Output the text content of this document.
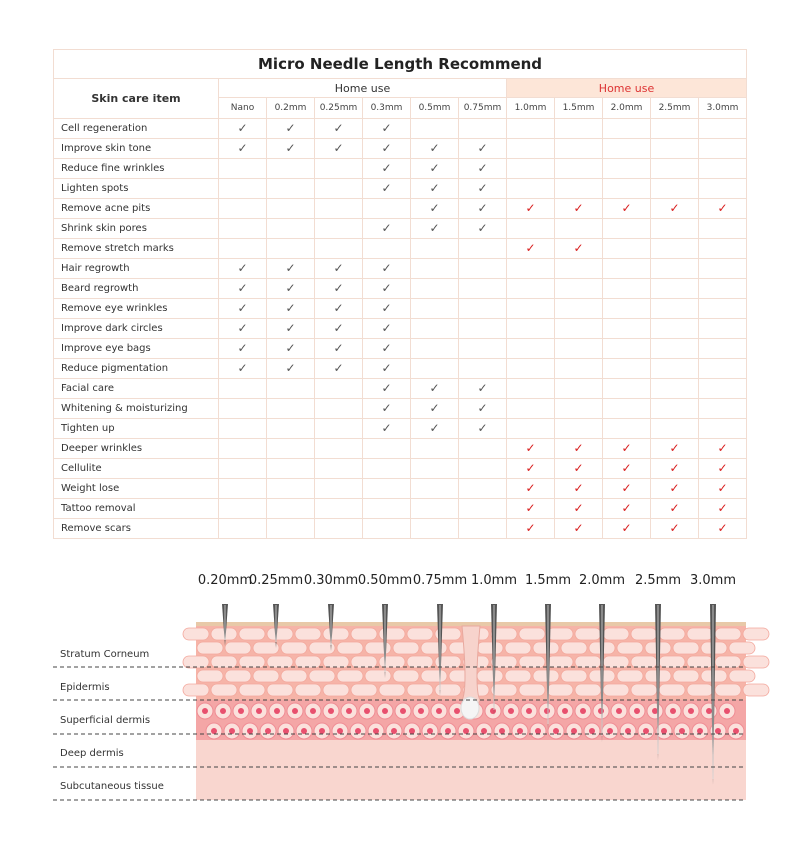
Micro Needle Length Recommend											
Skin care item	Home use						Home use				
	Nano	0.2mm	0.25mm	0.3mm	0.5mm	0.75mm	1.0mm	1.5mm	2.0mm	2.5mm	3.0mm
Cell regeneration	✓	✓	✓	✓							
Improve skin tone	✓	✓	✓	✓	✓	✓					
Reduce fine wrinkles				✓	✓	✓					
Lighten spots				✓	✓	✓					
Remove acne pits					✓	✓	✓	✓	✓	✓	✓
Shrink skin pores				✓	✓	✓					
Remove stretch marks							✓	✓			
Hair regrowth	✓	✓	✓	✓							
Beard regrowth	✓	✓	✓	✓							
Remove eye wrinkles	✓	✓	✓	✓							
Improve dark circles	✓	✓	✓	✓							
Improve eye bags	✓	✓	✓	✓							
Reduce pigmentation	✓	✓	✓	✓							
Facial care				✓	✓	✓					
Whitening & moisturizing				✓	✓	✓					
Tighten up				✓	✓	✓					
Deeper wrinkles							✓	✓	✓	✓	✓
Cellulite							✓	✓	✓	✓	✓
Weight lose							✓	✓	✓	✓	✓
Tattoo removal							✓	✓	✓	✓	✓
Remove scars							✓	✓	✓	✓	✓
0.20mm
0.25mm 0.30mm 0.50mm 0.75mm 1.0mm 1.5mm 2.0mm 2.5mm 3.0mm
Stratum Corneum
Epidermis
Superficial dermis
Deep dermis
Subcutaneous tissue
